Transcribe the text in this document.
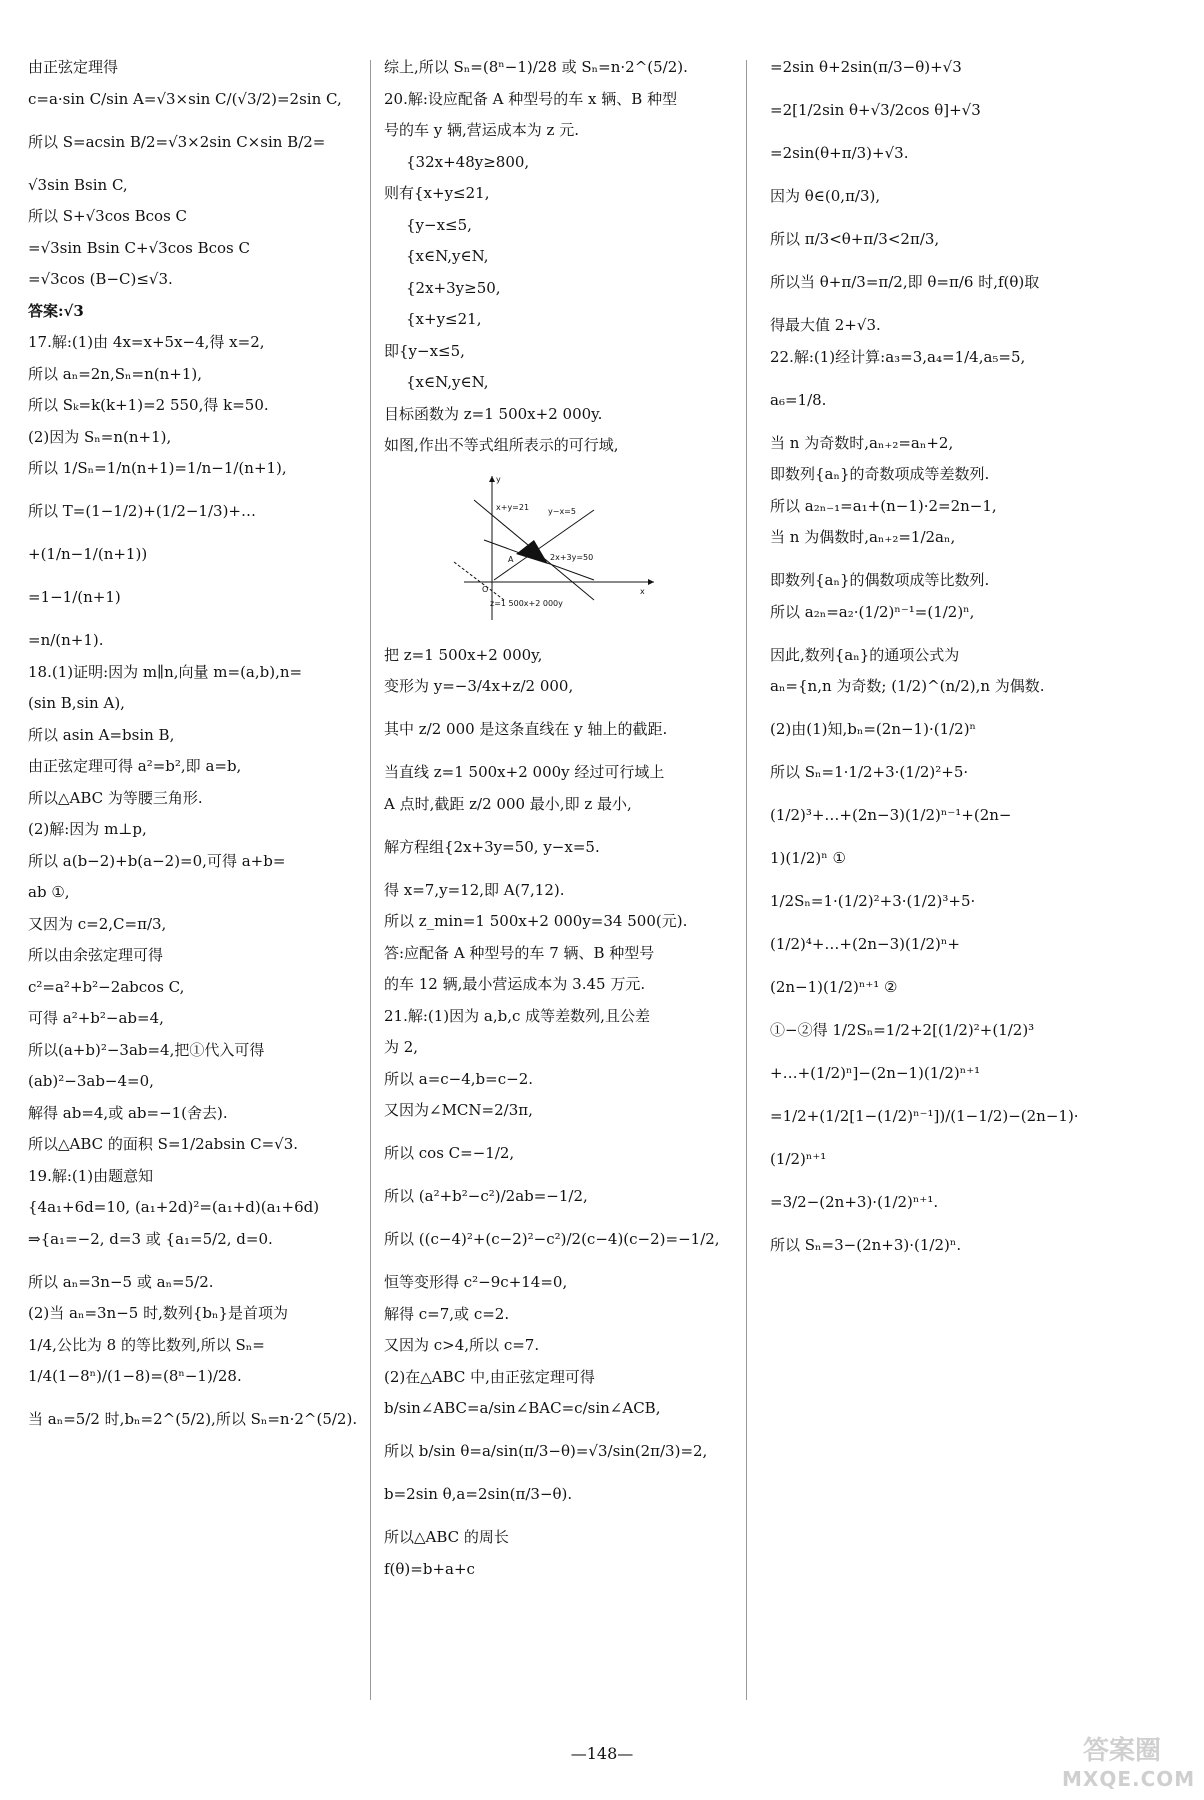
由正弦定理得
c=a·sin C/sin A=√3×sin C/(√3/2)=2sin C,
所以 S=acsin B/2=√3×2sin C×sin B/2=
√3sin Bsin C,
所以 S+√3cos Bcos C
=√3sin Bsin C+√3cos Bcos C
=√3cos (B−C)≤√3.
答案:√3
17.解:(1)由 4x=x+5x−4,得 x=2,
所以 aₙ=2n,Sₙ=n(n+1),
所以 Sₖ=k(k+1)=2 550,得 k=50.
(2)因为 Sₙ=n(n+1),
所以 1/Sₙ=1/n(n+1)=1/n−1/(n+1),
所以 T=(1−1/2)+(1/2−1/3)+…
+(1/n−1/(n+1))
=1−1/(n+1)
=n/(n+1).
18.(1)证明:因为 m∥n,向量 m=(a,b),n=
(sin B,sin A),
所以 asin A=bsin B,
由正弦定理可得 a²=b²,即 a=b,
所以△ABC 为等腰三角形.
(2)解:因为 m⊥p,
所以 a(b−2)+b(a−2)=0,可得 a+b=
ab ①,
又因为 c=2,C=π/3,
所以由余弦定理可得
c²=a²+b²−2abcos C,
可得 a²+b²−ab=4,
所以(a+b)²−3ab=4,把①代入可得
(ab)²−3ab−4=0,
解得 ab=4,或 ab=−1(舍去).
所以△ABC 的面积 S=1/2absin C=√3.
19.解:(1)由题意知
{4a₁+6d=10, (a₁+2d)²=(a₁+d)(a₁+6d)
⇒{a₁=−2, d=3 或 {a₁=5/2, d=0.
所以 aₙ=3n−5 或 aₙ=5/2.
(2)当 aₙ=3n−5 时,数列{bₙ}是首项为
1/4,公比为 8 的等比数列,所以 Sₙ=
1/4(1−8ⁿ)/(1−8)=(8ⁿ−1)/28.
当 aₙ=5/2 时,bₙ=2^(5/2),所以 Sₙ=n·2^(5/2).
综上,所以 Sₙ=(8ⁿ−1)/28 或 Sₙ=n·2^(5/2).
20.解:设应配备 A 种型号的车 x 辆、B 种型
号的车 y 辆,营运成本为 z 元.
{32x+48y≥800,
则有{x+y≤21,
{y−x≤5,
{x∈N,y∈N,
{2x+3y≥50,
{x+y≤21,
即{y−x≤5,
{x∈N,y∈N,
目标函数为 z=1 500x+2 000y.
如图,作出不等式组所表示的可行域,
x
y
O
A
x+y=21 y−x=5
2x+3y=50
z=1 500x+2 000y
把 z=1 500x+2 000y,
变形为 y=−3/4x+z/2 000,
其中 z/2 000 是这条直线在 y 轴上的截距.
当直线 z=1 500x+2 000y 经过可行域上
A 点时,截距 z/2 000 最小,即 z 最小,
解方程组{2x+3y=50, y−x=5.
得 x=7,y=12,即 A(7,12).
所以 z_min=1 500x+2 000y=34 500(元).
答:应配备 A 种型号的车 7 辆、B 种型号
的车 12 辆,最小营运成本为 3.45 万元.
21.解:(1)因为 a,b,c 成等差数列,且公差
为 2,
所以 a=c−4,b=c−2.
又因为∠MCN=2/3π,
所以 cos C=−1/2,
所以 (a²+b²−c²)/2ab=−1/2,
所以 ((c−4)²+(c−2)²−c²)/2(c−4)(c−2)=−1/2,
恒等变形得 c²−9c+14=0,
解得 c=7,或 c=2.
又因为 c>4,所以 c=7.
(2)在△ABC 中,由正弦定理可得
b/sin∠ABC=a/sin∠BAC=c/sin∠ACB,
所以 b/sin θ=a/sin(π/3−θ)=√3/sin(2π/3)=2,
b=2sin θ,a=2sin(π/3−θ).
所以△ABC 的周长
f(θ)=b+a+c
=2sin θ+2sin(π/3−θ)+√3
=2[1/2sin θ+√3/2cos θ]+√3
=2sin(θ+π/3)+√3.
因为 θ∈(0,π/3),
所以 π/3<θ+π/3<2π/3,
所以当 θ+π/3=π/2,即 θ=π/6 时,f(θ)取
得最大值 2+√3.
22.解:(1)经计算:a₃=3,a₄=1/4,a₅=5,
a₆=1/8.
当 n 为奇数时,aₙ₊₂=aₙ+2,
即数列{aₙ}的奇数项成等差数列.
所以 a₂ₙ₋₁=a₁+(n−1)·2=2n−1,
当 n 为偶数时,aₙ₊₂=1/2aₙ,
即数列{aₙ}的偶数项成等比数列.
所以 a₂ₙ=a₂·(1/2)ⁿ⁻¹=(1/2)ⁿ,
因此,数列{aₙ}的通项公式为
aₙ={n,n 为奇数; (1/2)^(n/2),n 为偶数.
(2)由(1)知,bₙ=(2n−1)·(1/2)ⁿ
所以 Sₙ=1·1/2+3·(1/2)²+5·
(1/2)³+…+(2n−3)(1/2)ⁿ⁻¹+(2n−
1)(1/2)ⁿ ①
1/2Sₙ=1·(1/2)²+3·(1/2)³+5·
(1/2)⁴+…+(2n−3)(1/2)ⁿ+
(2n−1)(1/2)ⁿ⁺¹ ②
①−②得 1/2Sₙ=1/2+2[(1/2)²+(1/2)³
+…+(1/2)ⁿ]−(2n−1)(1/2)ⁿ⁺¹
=1/2+(1/2[1−(1/2)ⁿ⁻¹])/(1−1/2)−(2n−1)·
(1/2)ⁿ⁺¹
=3/2−(2n+3)·(1/2)ⁿ⁺¹.
所以 Sₙ=3−(2n+3)·(1/2)ⁿ.
—148—	答案圈
MXQE.COM
